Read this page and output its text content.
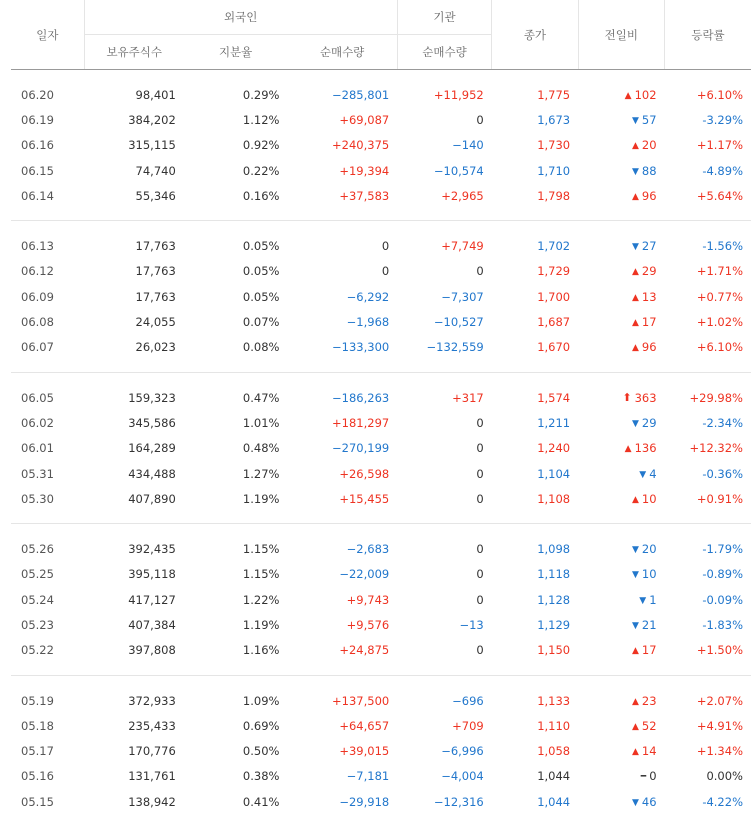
일자	외국인			기관	종가	전일비	등락률
	보유주식수	지분율	순매수량	순매수량			

06.20	98,401	0.29%	−285,801	+11,952	1,775	▲ 102	+6.10%
06.19	384,202	1.12%	+69,087	0	1,673	▼ 57	-3.29%
06.16	315,115	0.92%	+240,375	−140	1,730	▲ 20	+1.17%
06.15	74,740	0.22%	+19,394	−10,574	1,710	▼ 88	-4.89%
06.14	55,346	0.16%	+37,583	+2,965	1,798	▲ 96	+5.64%

06.13	17,763	0.05%	0	+7,749	1,702	▼ 27	-1.56%
06.12	17,763	0.05%	0	0	1,729	▲ 29	+1.71%
06.09	17,763	0.05%	−6,292	−7,307	1,700	▲ 13	+0.77%
06.08	24,055	0.07%	−1,968	−10,527	1,687	▲ 17	+1.02%
06.07	26,023	0.08%	−133,300	−132,559	1,670	▲ 96	+6.10%

06.05	159,323	0.47%	−186,263	+317	1,574	⬆ 363	+29.98%
06.02	345,586	1.01%	+181,297	0	1,211	▼ 29	-2.34%
06.01	164,289	0.48%	−270,199	0	1,240	▲ 136	+12.32%
05.31	434,488	1.27%	+26,598	0	1,104	▼ 4	-0.36%
05.30	407,890	1.19%	+15,455	0	1,108	▲ 10	+0.91%

05.26	392,435	1.15%	−2,683	0	1,098	▼ 20	-1.79%
05.25	395,118	1.15%	−22,009	0	1,118	▼ 10	-0.89%
05.24	417,127	1.22%	+9,743	0	1,128	▼ 1	-0.09%
05.23	407,384	1.19%	+9,576	−13	1,129	▼ 21	-1.83%
05.22	397,808	1.16%	+24,875	0	1,150	▲ 17	+1.50%

05.19	372,933	1.09%	+137,500	−696	1,133	▲ 23	+2.07%
05.18	235,433	0.69%	+64,657	+709	1,110	▲ 52	+4.91%
05.17	170,776	0.50%	+39,015	−6,996	1,058	▲ 14	+1.34%
05.16	131,761	0.38%	−7,181	−4,004	1,044	━ 0	0.00%
05.15	138,942	0.41%	−29,918	−12,316	1,044	▼ 46	-4.22%
